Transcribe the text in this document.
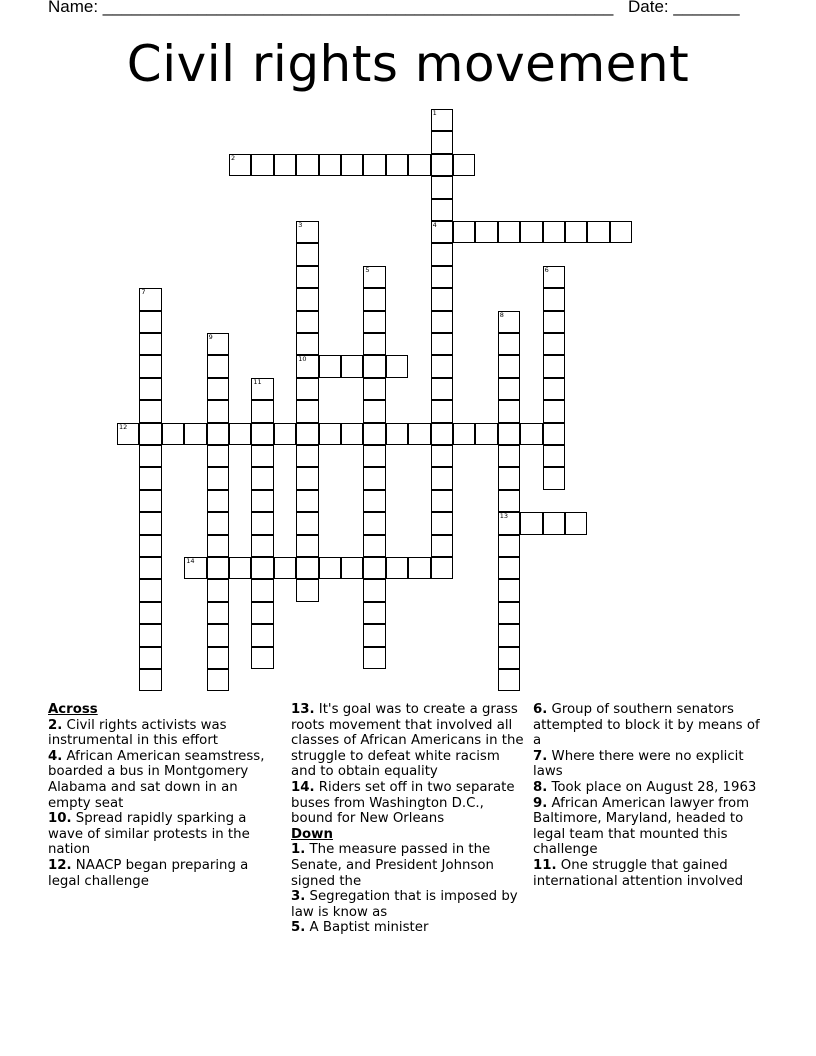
Name: ______________________________________________________ Date: _______
Civil rights movement
1
4
2
3
10
5	6
7
8
13
9
11
12
14
Across
2. Civil rights activists was instrumental in this effort
4. African American seamstress, boarded a bus in Montgomery Alabama and sat down in an empty seat
10. Spread rapidly sparking a wave of similar protests in the nation
12. NAACP began preparing a legal challenge
13. It's goal was to create a grass roots movement that involved all classes of African Americans in the struggle to defeat white racism and to obtain equality
14. Riders set off in two separate buses from Washington D.C., bound for New Orleans
Down
1. The measure passed in the Senate, and President Johnson signed the
3. Segregation that is imposed by law is know as
5. A Baptist minister
6. Group of southern senators attempted to block it by means of a
7. Where there were no explicit laws
8. Took place on August 28, 1963
9. African American lawyer from Baltimore, Maryland, headed to legal team that mounted this challenge
11. One struggle that gained international attention involved
